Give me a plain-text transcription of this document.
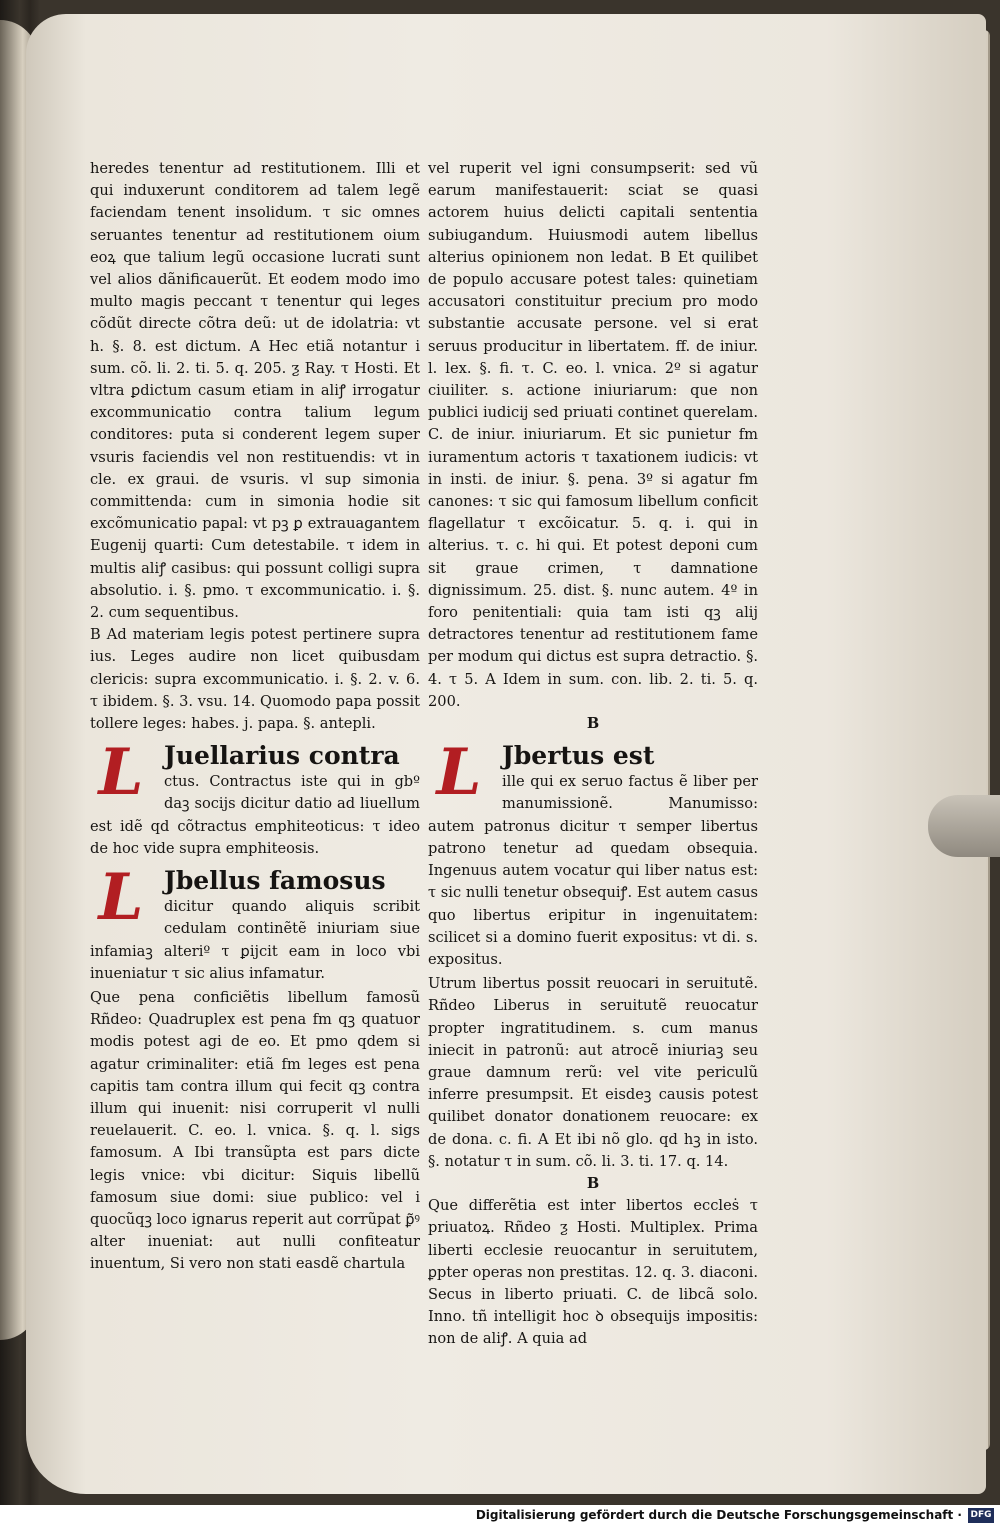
heredes tenentur ad restitutionem. Illi et qui induxerunt conditorem ad talem legẽ faciendam tenent insolidum. τ sic omnes seruantes tenentur ad restitutionem oium eoꝝ que talium legũ occasione lucrati sunt vel alios dãnificauerũt. Et eodem modo imo multo magis peccant τ tenentur qui leges cõdũt directe cõtra deũ: ut de idolatria: vt h. §. 8. est dictum. A Hec etiã notantur i sum. cõ. li. 2. ti. 5. q. 205. ƺ Ray. τ Hosti. Et vltra ꝑdictum casum etiam in aliꝭ irrogatur excommunicatio contra talium legum conditores: puta si conderent legem super vsuris faciendis vel non restituendis: vt in cle. ex graui. de vsuris. vl sup simonia committenda: cum in simonia hodie sit excõmunicatio papal: vt pꝫ ꝑ extrauagantem Eugenij quarti: Cum detestabile. τ idem in multis aliꝭ casibus: qui possunt colligi supra absolutio. i. §. pmo. τ excommunicatio. i. §. 2. cum sequentibus.

B Ad materiam legis potest pertinere supra ius. Leges audire non licet quibusdam clericis: supra excommunicatio. i. §. 2. v. 6. τ ibidem. §. 3. vsu. 14. Quomodo papa possit tollere leges: habes. j. papa. §. antepli.

L Juellarius contra
ctus. Contractus iste qui in gbº daꝫ socijs dicitur datio ad liuellum est idẽ qd cõtractus emphiteoticus: τ ideo de hoc vide supra emphiteosis.
L Jbellus famosus
dicitur quando aliquis scribit cedulam continẽtẽ iniuriam siue infamiaꝫ alteriº τ ꝑijcit eam in loco vbi inueniatur τ sic alius infamatur.

Que pena conficiẽtis libellum famosũ Rñdeo: Quadruplex est pena fm qꝫ quatuor modis potest agi de eo. Et pmo qdem si agatur criminaliter: etiã fm leges est pena capitis tam contra illum qui fecit qꝫ contra illum qui inuenit: nisi corruperit vl nulli reuelauerit. C. eo. l. vnica. §. q. l. sigs famosum. A Ibi transũpta est pars dicte legis vnice: vbi dicitur: Siquis libellũ famosum siue domi: siue publico: vel i quocũqꝫ loco ignarus reperit aut corrũpat ꝑ͂ꝰ alter inueniat: aut nulli confiteatur inuentum, Si vero non stati easdẽ chartula

vel ruperit vel igni consumpserit: sed vũ earum manifestauerit: sciat se quasi actorem huius delicti capitali sententia subiugandum. Huiusmodi autem libellus alterius opinionem non ledat. B Et quilibet de populo accusare potest tales: quinetiam accusatori constituitur precium pro modo substantie accusate persone. vel si erat seruus producitur in libertatem. ff. de iniur. l. lex. §. fi. τ. C. eo. l. vnica. 2º si agatur ciuiliter. s. actione iniuriarum: que non publici iudicij sed priuati continet querelam. C. de iniur. iniuriarum. Et sic punietur fm iuramentum actoris τ taxationem iudicis: vt in insti. de iniur. §. pena. 3º si agatur fm canones: τ sic qui famosum libellum conficit flagellatur τ excõicatur. 5. q. i. qui in alterius. τ. c. hi qui. Et potest deponi cum sit graue crimen, τ damnatione dignissimum. 25. dist. §. nunc autem. 4º in foro penitentiali: quia tam isti qꝫ alij detractores tenentur ad restitutionem fame per modum qui dictus est supra detractio. §. 4. τ 5. A Idem in sum. con. lib. 2. ti. 5. q. 200.

B

L Jbertus est
ille qui ex seruo factus ẽ liber per manumissionẽ. Manumisso: autem patronus dicitur τ semper libertus patrono tenetur ad quedam obsequia. Ingenuus autem vocatur qui liber natus est: τ sic nulli tenetur obsequiꝭ. Est autem casus quo libertus eripitur in ingenuitatem: scilicet si a domino fuerit expositus: vt di. s. expositus.

Utrum libertus possit reuocari in seruitutẽ. Rñdeo Liberus in seruitutẽ reuocatur propter ingratitudinem. s. cum manus iniecit in patronũ: aut atrocẽ iniuriaꝫ seu graue damnum rerũ: vel vite periculũ inferre presumpsit. Et eisdeꝫ causis potest quilibet donator donationem reuocare: ex de dona. c. fi. A Et ibi nõ glo. qd hꝫ in isto. §. notatur τ in sum. cõ. li. 3. ti. 17. q. 14.

B

Que differẽtia est inter libertos eccleṡ τ priuatoꝝ. Rñdeo ƺ Hosti. Multiplex. Prima liberti ecclesie reuocantur in seruitutem, ꝑpter operas non prestitas. 12. q. 3. diaconi. Secus in liberto priuati. C. de libcã solo. Inno. tñ intelligit hoc ꝺ obsequijs impositis: non de aliꝭ. A quia ad

Digitalisierung gefördert durch die Deutsche Forschungsgemeinschaft · DFG
